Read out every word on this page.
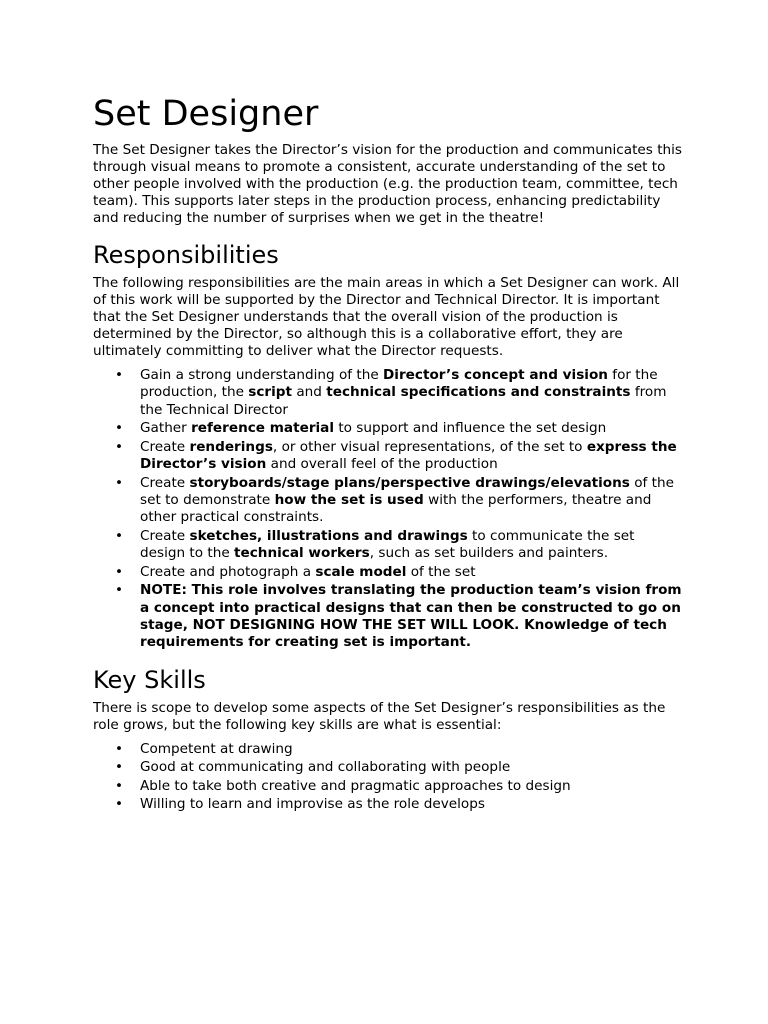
Set Designer

The Set Designer takes the Director’s vision for the production and communicates this through visual means to promote a consistent, accurate understanding of the set to other people involved with the production (e.g. the production team, committee, tech team). This supports later steps in the production process, enhancing predictability and reducing the number of surprises when we get in the theatre!

Responsibilities

The following responsibilities are the main areas in which a Set Designer can work. All of this work will be supported by the Director and Technical Director. It is important that the Set Designer understands that the overall vision of the production is determined by the Director, so although this is a collaborative effort, they are ultimately committing to deliver what the Director requests.

• Gain a strong understanding of the Director’s concept and vision for the production, the script and technical specifications and constraints from the Technical Director
• Gather reference material to support and influence the set design
• Create renderings, or other visual representations, of the set to express the Director’s vision and overall feel of the production
• Create storyboards/stage plans/perspective drawings/elevations of the set to demonstrate how the set is used with the performers, theatre and other practical constraints.
• Create sketches, illustrations and drawings to communicate the set design to the technical workers, such as set builders and painters.
• Create and photograph a scale model of the set
• NOTE: This role involves translating the production team’s vision from a concept into practical designs that can then be constructed to go on stage, NOT DESIGNING HOW THE SET WILL LOOK. Knowledge of tech requirements for creating set is important.
Key Skills

There is scope to develop some aspects of the Set Designer’s responsibilities as the role grows, but the following key skills are what is essential:

• Competent at drawing
• Good at communicating and collaborating with people
• Able to take both creative and pragmatic approaches to design
• Willing to learn and improvise as the role develops
